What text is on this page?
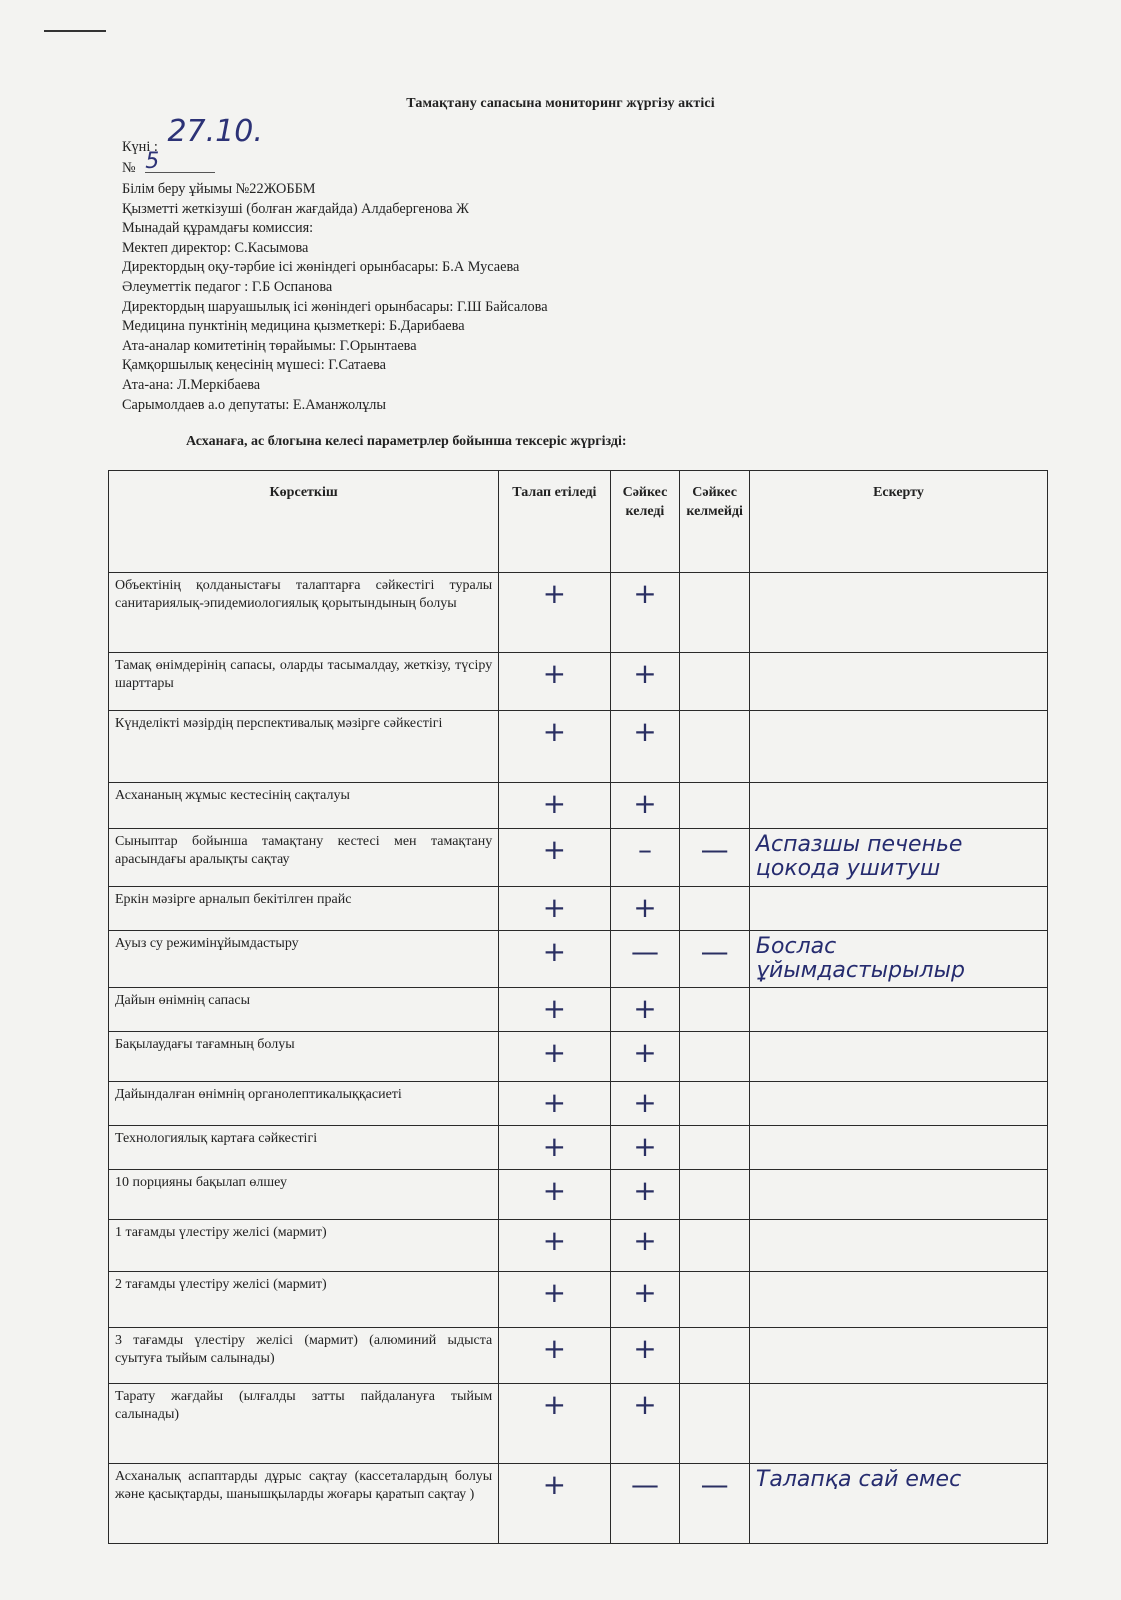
Тамақтану сапасына мониторинг жүргізу актісі
Күні : 27.10.
№ 5
Білім беру ұйымы №22ЖОББМ
Қызметті жеткізуші (болған жағдайда) Алдабергенова Ж
Мынадай құрамдағы комиссия:
Мектеп директор: С.Касымова
Директордың оқу-тәрбие ісі жөніндегі орынбасары: Б.А Мусаева
Әлеуметтік педагог : Г.Б Оспанова
Директордың шаруашылық ісі жөніндегі орынбасары: Г.Ш Байсалова
Медицина пунктінің медицина қызметкері: Б.Дарибаева
Ата-аналар комитетінің төрайымы: Г.Орынтаева
Қамқоршылық кеңесінің мүшесі: Г.Сатаева
Ата-ана: Л.Меркібаева
Сарымолдаев а.о депутаты: Е.Аманжолұлы
Асханаға, ас блогына келесі параметрлер бойынша тексеріс жүргізді:
Көрсеткіш	Талап етіледі	Сәйкес келеді	Сәйкес келмейді	Ескерту
Объектінің қолданыстағы талаптарға сәйкестігі туралы санитариялық-эпидемиологиялық қорытындының болуы	+	+		
Тамақ өнімдерінің сапасы, оларды тасымалдау, жеткізу, түсіру шарттары	+	+		
Күнделікті мәзірдің перспективалық мәзірге сәйкестігі	+	+		
Асхананың жұмыс кестесінің сақталуы	+	+		
Сыныптар бойынша тамақтану кестесі мен тамақтану арасындағы аралықты сақтау	+	–	—	Аспазшы печенье цокода ушитуш
Еркін мәзірге арналып бекітілген прайс	+	+		
Ауыз су режимінұйымдастыру	+	—	—	Бослас ұйымдастырылыр
Дайын өнімнің сапасы	+	+		
Бақылаудағы тағамның болуы	+	+		
Дайындалған өнімнің органолептикалыққасиеті	+	+		
Технологиялық картаға сәйкестігі	+	+		
10 порцияны бақылап өлшеу	+	+		
1 тағамды үлестіру желісі (мармит)	+	+		
2 тағамды үлестіру желісі (мармит)	+	+		
3 тағамды үлестіру желісі (мармит) (алюминий ыдыста суытуға тыйым салынады)	+	+		
Тарату жағдайы (ылғалды затты пайдалануға тыйым салынады)	+	+		
Асханалық аспаптарды дұрыс сақтау (кассеталардың болуы және қасықтарды, шанышқыларды жоғары қаратып сақтау )	+	—	—	Талапқа сай емес
